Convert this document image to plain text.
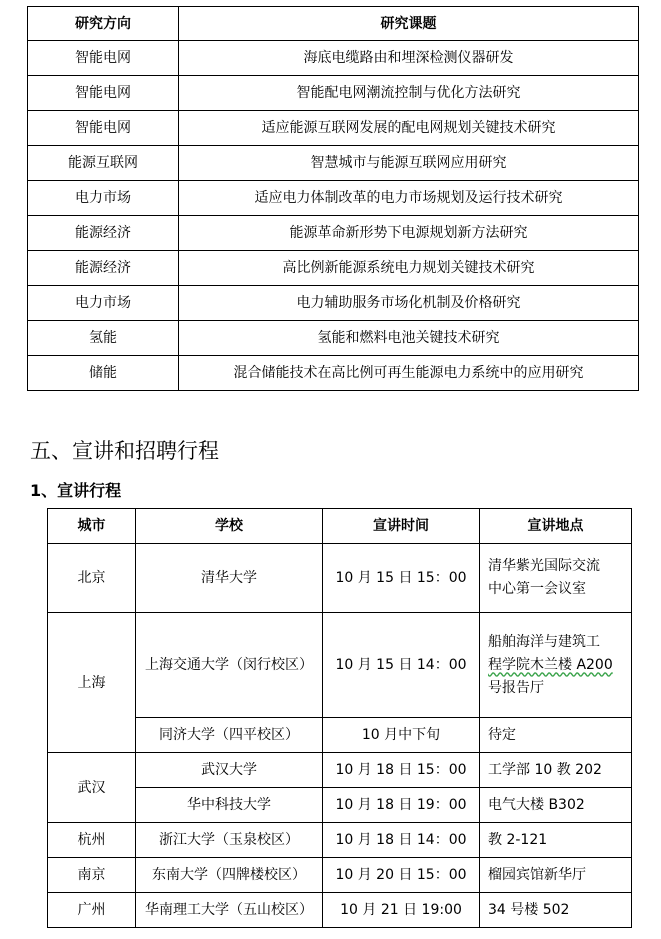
研究方向	研究课题
智能电网	海底电缆路由和埋深检测仪器研发
智能电网	智能配电网潮流控制与优化方法研究
智能电网	适应能源互联网发展的配电网规划关键技术研究
能源互联网	智慧城市与能源互联网应用研究
电力市场	适应电力体制改革的电力市场规划及运行技术研究
能源经济	能源革命新形势下电源规划新方法研究
能源经济	高比例新能源系统电力规划关键技术研究
电力市场	电力辅助服务市场化机制及价格研究
氢能	氢能和燃料电池关键技术研究
储能	混合储能技术在高比例可再生能源电力系统中的应用研究
五、宣讲和招聘行程
1、宣讲行程
城市	学校	宣讲时间	宣讲地点
北京	清华大学	10 月 15 日 15：00	清华紫光国际交流
中心第一会议室

上海	上海交通大学（闵行校区）	10 月 15 日 14：00	船舶海洋与建筑工
程学院木兰楼 A200
号报告厅

	同济大学（四平校区）	10 月中下旬	待定
武汉	武汉大学	10 月 18 日 15：00	工学部 10 教 202
	华中科技大学	10 月 18 日 19：00	电气大楼 B302
杭州	浙江大学（玉泉校区）	10 月 18 日 14：00	教 2-121
南京	东南大学（四牌楼校区）	10 月 20 日 15：00	榴园宾馆新华厅
广州	华南理工大学（五山校区）	10 月 21 日 19:00	34 号楼 502
